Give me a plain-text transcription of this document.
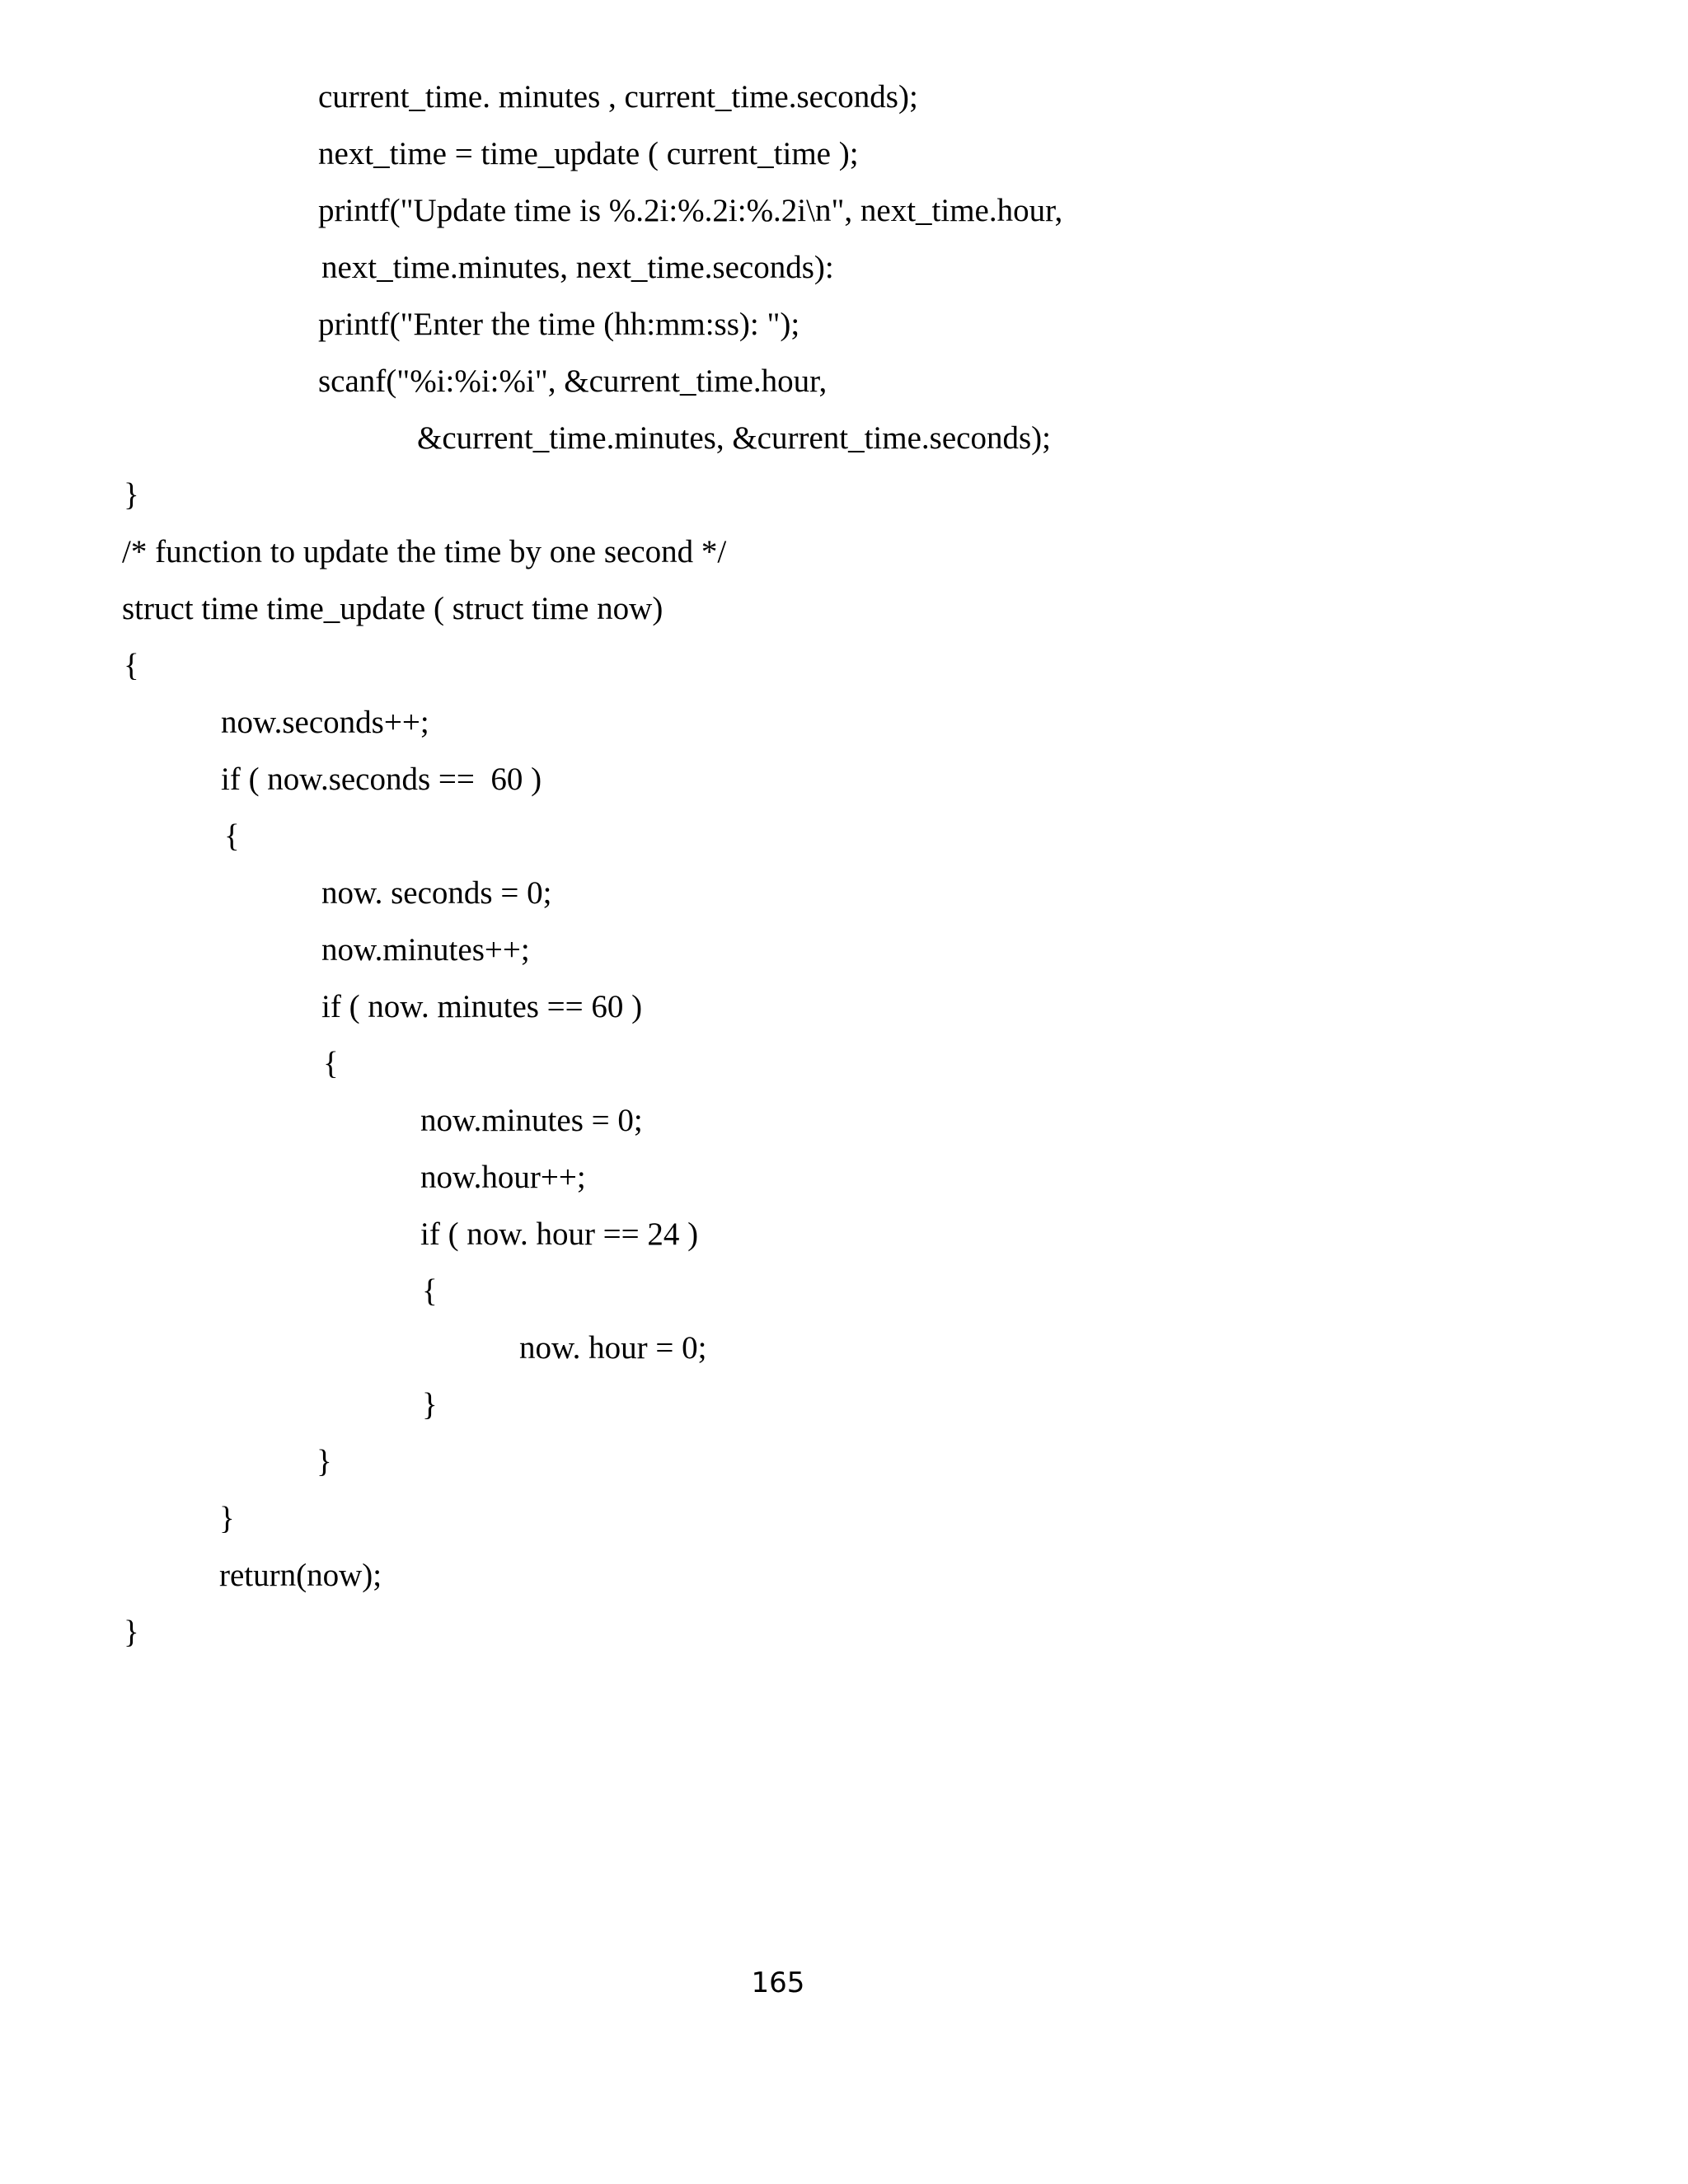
current_time. minutes , current_time.seconds);
next_time = time_update ( current_time );
printf("Update time is %.2i:%.2i:%.2i\n", next_time.hour,
next_time.minutes, next_time.seconds):
printf("Enter the time (hh:mm:ss): ");
scanf("%i:%i:%i", &current_time.hour,
&current_time.minutes, &current_time.seconds);
}
/* function to update the time by one second */
struct time time_update ( struct time now)
{
now.seconds++;
if ( now.seconds ==  60 )
{
now. seconds = 0;
now.minutes++;
if ( now. minutes == 60 )
{
now.minutes = 0;
now.hour++;
if ( now. hour == 24 )
{
now. hour = 0;
}
}
}
return(now);
}
165
